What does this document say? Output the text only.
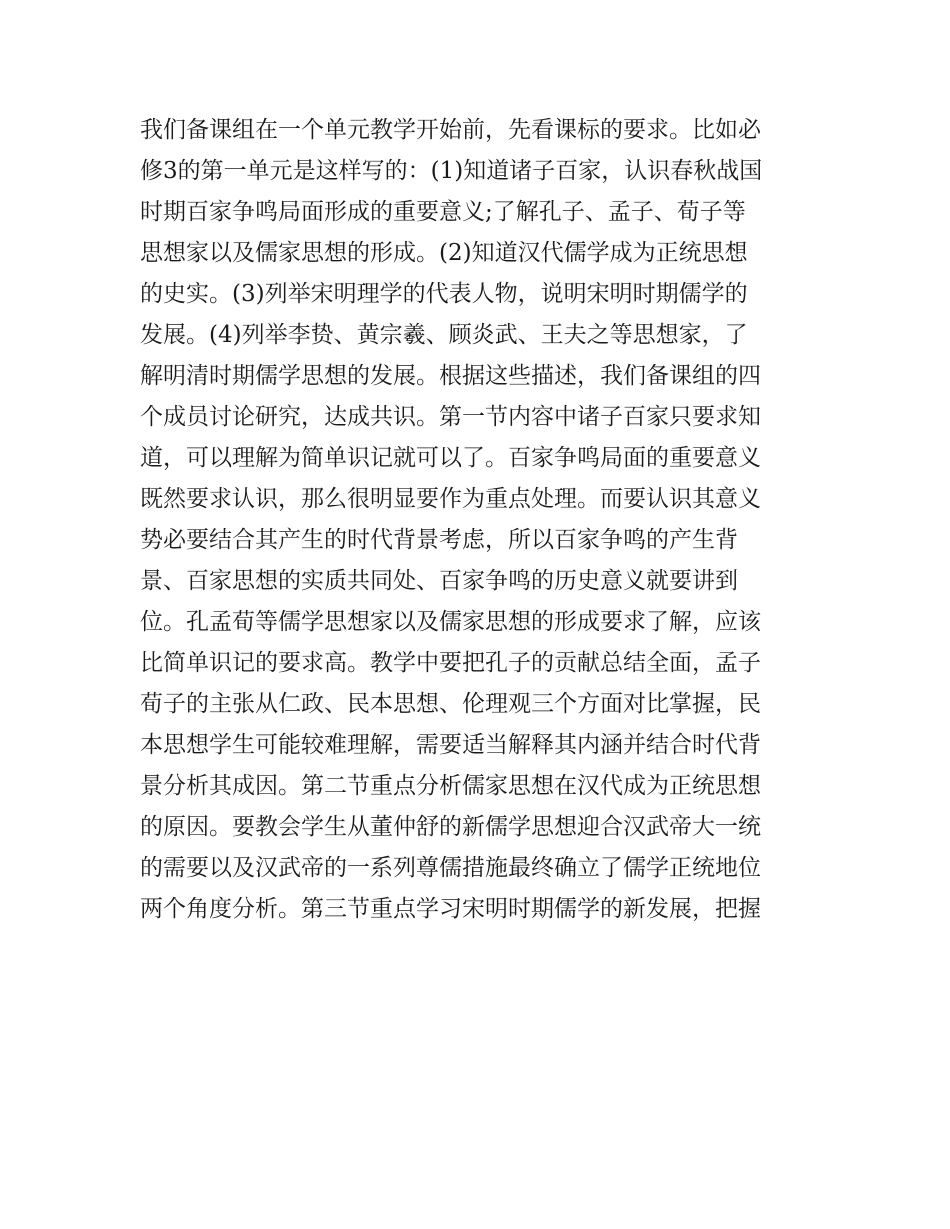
我们备课组在一个单元教学开始前，先看课标的要求。比如必
修3的第一单元是这样写的：(1)知道诸子百家，认识春秋战国
时期百家争鸣局面形成的重要意义;了解孔子、孟子、荀子等
思想家以及儒家思想的形成。(2)知道汉代儒学成为正统思想
的史实。(3)列举宋明理学的代表人物，说明宋明时期儒学的
发展。(4)列举李贽、黄宗羲、顾炎武、王夫之等思想家，了
解明清时期儒学思想的发展。根据这些描述，我们备课组的四
个成员讨论研究，达成共识。第一节内容中诸子百家只要求知
道，可以理解为简单识记就可以了。百家争鸣局面的重要意义
既然要求认识，那么很明显要作为重点处理。而要认识其意义
势必要结合其产生的时代背景考虑，所以百家争鸣的产生背
景、百家思想的实质共同处、百家争鸣的历史意义就要讲到
位。孔孟荀等儒学思想家以及儒家思想的形成要求了解，应该
比简单识记的要求高。教学中要把孔子的贡献总结全面，孟子
荀子的主张从仁政、民本思想、伦理观三个方面对比掌握，民
本思想学生可能较难理解，需要适当解释其内涵并结合时代背
景分析其成因。第二节重点分析儒家思想在汉代成为正统思想
的原因。要教会学生从董仲舒的新儒学思想迎合汉武帝大一统
的需要以及汉武帝的一系列尊儒措施最终确立了儒学正统地位
两个角度分析。第三节重点学习宋明时期儒学的新发展，把握
